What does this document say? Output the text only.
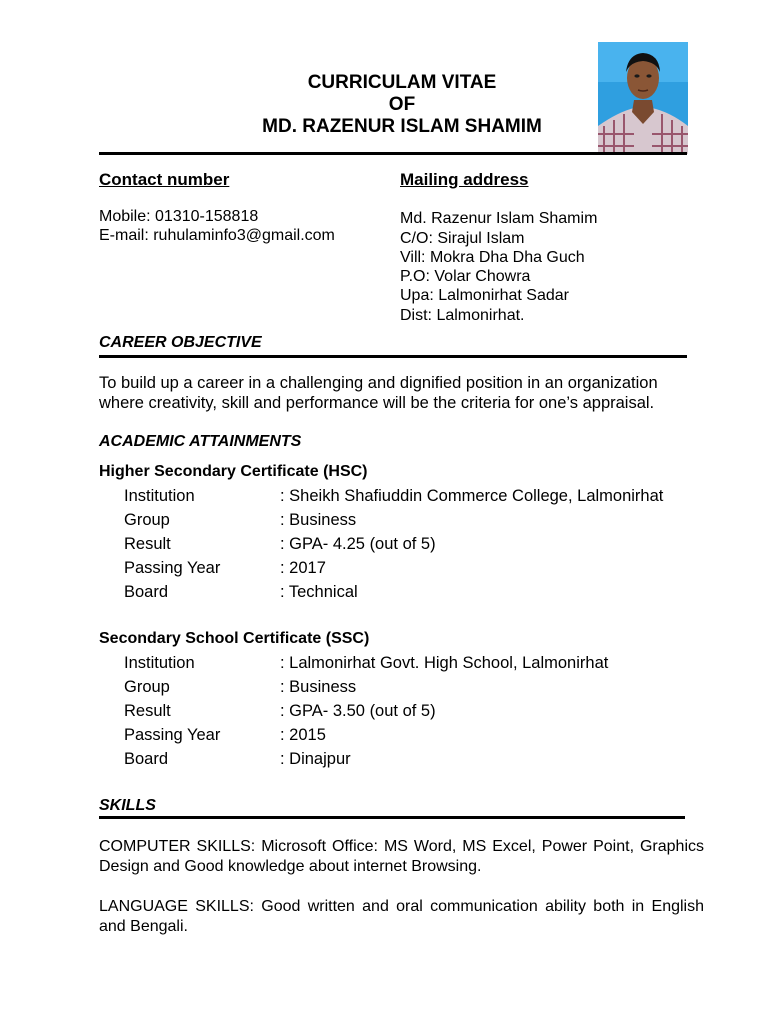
CURRICULAM VITAE
OF
MD. RAZENUR ISLAM SHAMIM
Contact number
Mobile: 01310-158818
E-mail: ruhulaminfo3@gmail.com
Mailing address
Md. Razenur Islam Shamim
C/O: Sirajul Islam
Vill: Mokra Dha Dha Guch
P.O: Volar Chowra
Upa: Lalmonirhat Sadar
Dist: Lalmonirhat.
CAREER OBJECTIVE
To build up a career in a challenging and dignified position in an organization
where creativity, skill and performance will be the criteria for one’s appraisal.
ACADEMIC ATTAINMENTS
Higher Secondary Certificate (HSC)
Institution	: Sheikh Shafiuddin Commerce College, Lalmonirhat
Group	: Business
Result	: GPA- 4.25 (out of 5)
Passing Year	: 2017
Board	: Technical
Secondary School Certificate (SSC)
Institution	: Lalmonirhat Govt. High School, Lalmonirhat
Group	: Business
Result	: GPA- 3.50 (out of 5)
Passing Year	: 2015
Board	: Dinajpur
SKILLS
COMPUTER SKILLS: Microsoft Office: MS Word, MS Excel, Power Point, Graphics Design and Good knowledge about internet Browsing.
LANGUAGE SKILLS: Good written and oral communication ability both in English and Bengali.
